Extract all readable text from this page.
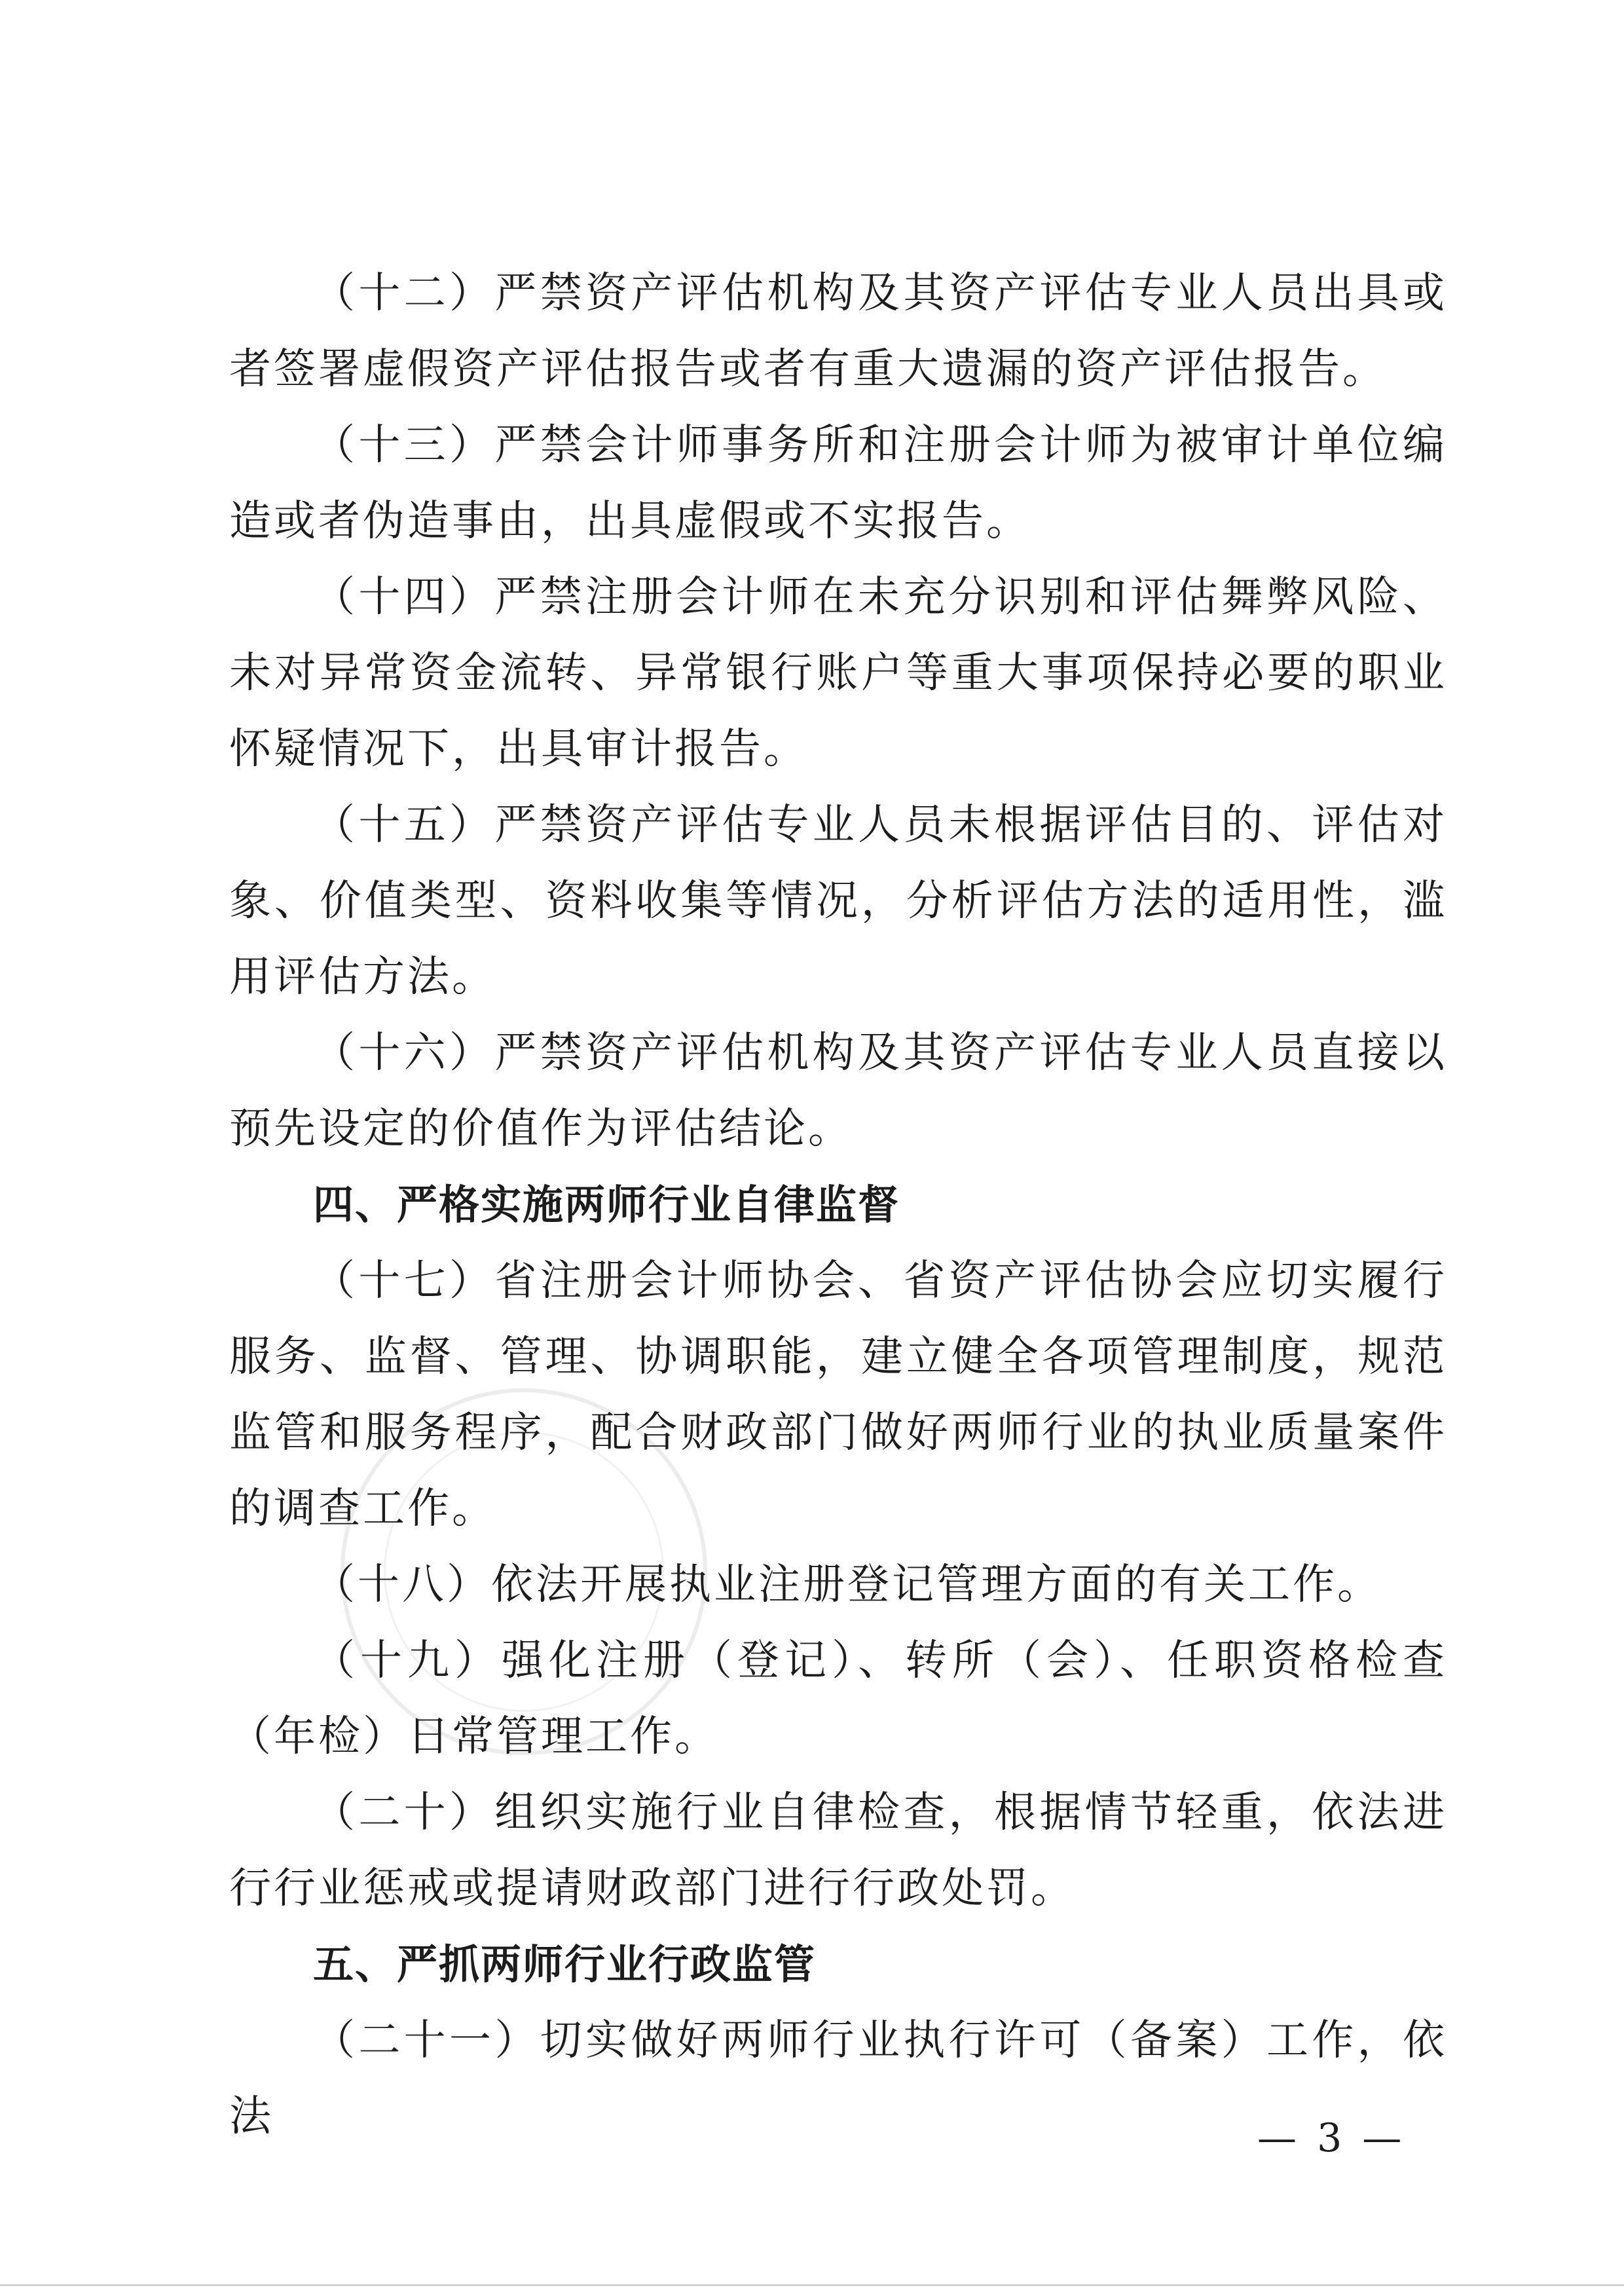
（十二）严禁资产评估机构及其资产评估专业人员出具或者签署虚假资产评估报告或者有重大遗漏的资产评估报告。

（十三）严禁会计师事务所和注册会计师为被审计单位编造或者伪造事由，出具虚假或不实报告。

（十四）严禁注册会计师在未充分识别和评估舞弊风险、未对异常资金流转、异常银行账户等重大事项保持必要的职业怀疑情况下，出具审计报告。

（十五）严禁资产评估专业人员未根据评估目的、评估对象、价值类型、资料收集等情况，分析评估方法的适用性，滥用评估方法。

（十六）严禁资产评估机构及其资产评估专业人员直接以预先设定的价值作为评估结论。

四、严格实施两师行业自律监督

（十七）省注册会计师协会、省资产评估协会应切实履行服务、监督、管理、协调职能，建立健全各项管理制度，规范监管和服务程序，配合财政部门做好两师行业的执业质量案件的调查工作。

（十八）依法开展执业注册登记管理方面的有关工作。

（十九）强化注册（登记）、转所（会）、任职资格检查（年检）日常管理工作。

（二十）组织实施行业自律检查，根据情节轻重，依法进行行业惩戒或提请财政部门进行行政处罚。

五、严抓两师行业行政监管

（二十一）切实做好两师行业执行许可（备案）工作，依法	— 3 —
